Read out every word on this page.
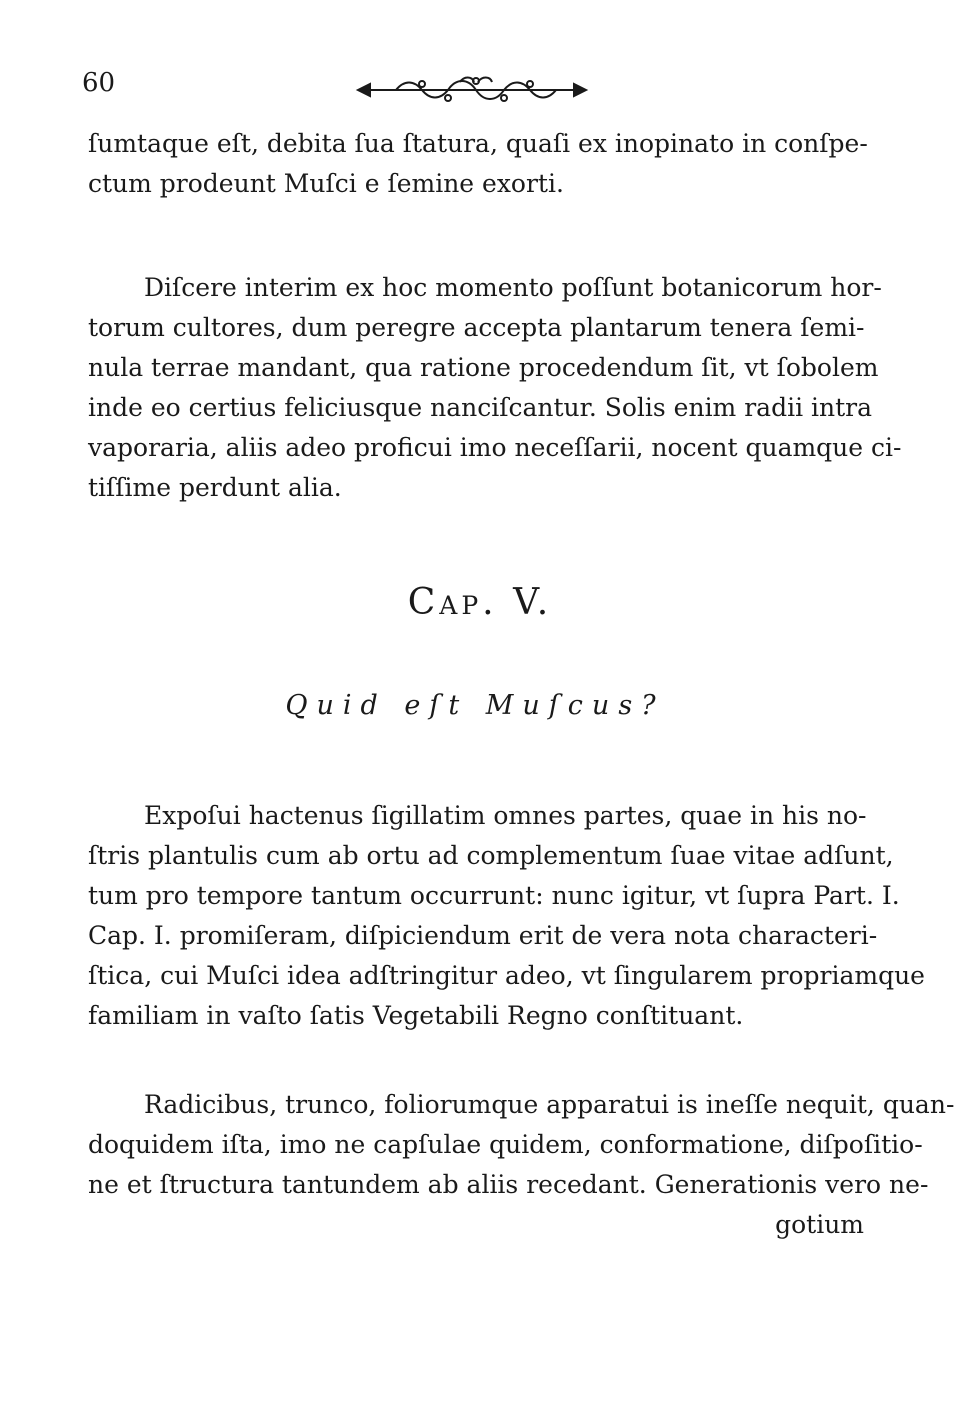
60
ſumtaque eſt, debita ſua ſtatura, quaſi ex inopinato in conſpe-
ctum prodeunt Muſci e ſemine exorti.
Diſcere interim ex hoc momento poſſunt botanicorum hor-
torum cultores, dum peregre accepta plantarum tenera ſemi-
nula terrae mandant, qua ratione procedendum ſit, vt ſobolem
inde eo certius feliciusque nanciſcantur. Solis enim radii intra
vaporaria, aliis adeo proficui imo neceſſarii, nocent quamque ci-
tiſſime perdunt alia.
Cap. V.
Quid eſt Muſcus?
Expoſui hactenus ſigillatim omnes partes, quae in his no-
ſtris plantulis cum ab ortu ad complementum ſuae vitae adſunt,
tum pro tempore tantum occurrunt: nunc igitur, vt ſupra Part. I.
Cap. I. promiſeram, diſpiciendum erit de vera nota characteri-
ſtica, cui Muſci idea adſtringitur adeo, vt ſingularem propriamque
familiam in vaſto ſatis Vegetabili Regno conſtituant.
Radicibus, trunco, foliorumque apparatui is ineſſe nequit, quan-
doquidem iſta, imo ne capſulae quidem, conformatione, diſpoſitio-
ne et ſtructura tantundem ab aliis recedant. Generationis vero ne-
gotium
